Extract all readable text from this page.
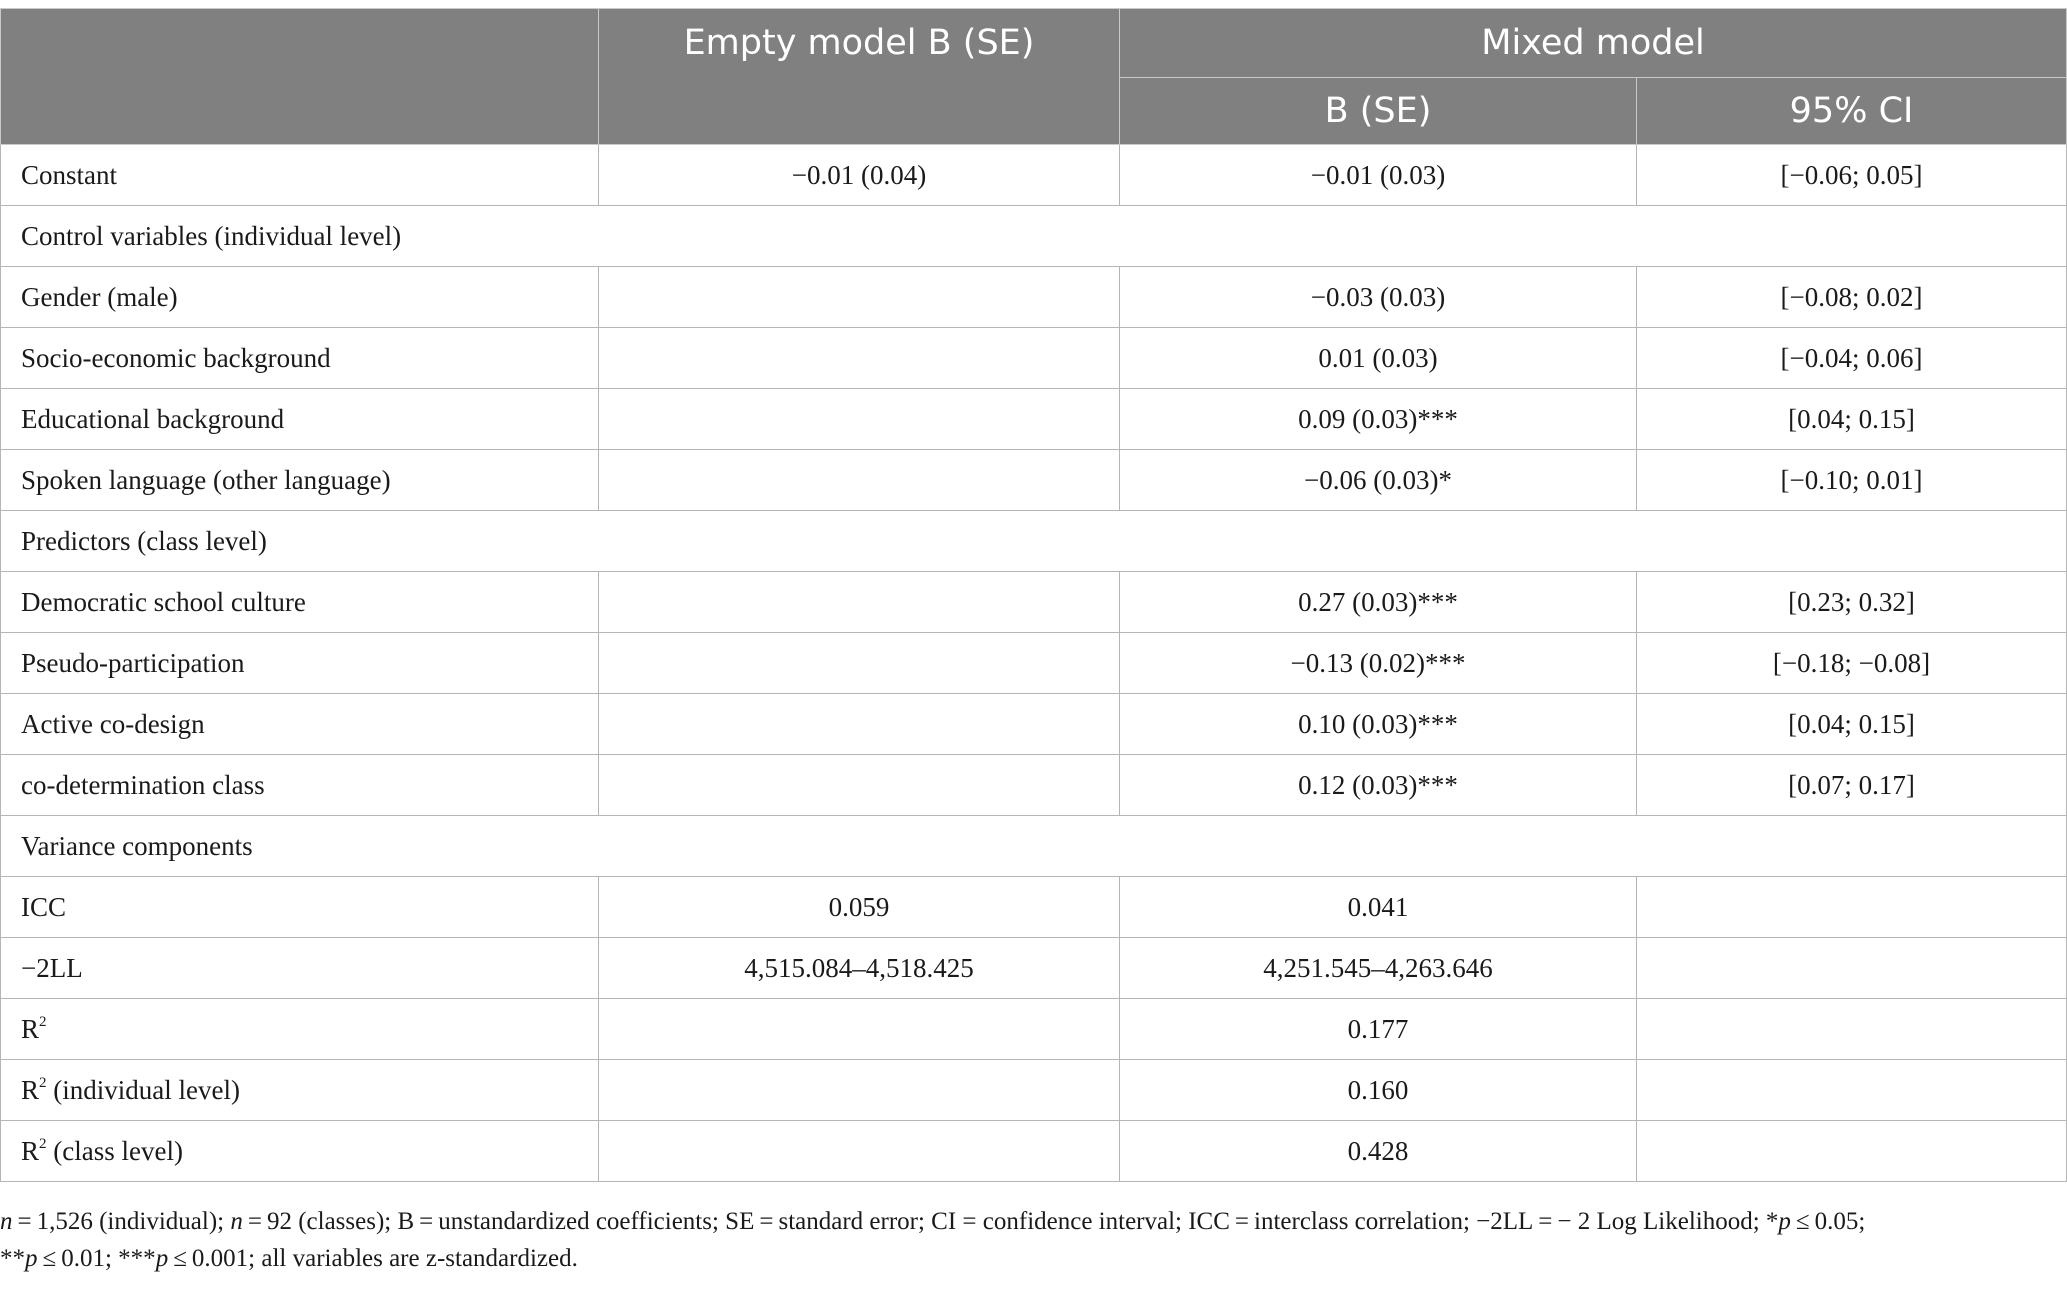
	Empty model B (SE)	Mixed model	
		B (SE)	95% CI
Constant	−0.01 (0.04)	−0.01 (0.03)	[−0.06; 0.05]
Control variables (individual level)			
Gender (male)		−0.03 (0.03)	[−0.08; 0.02]
Socio-economic background		0.01 (0.03)	[−0.04; 0.06]
Educational background		0.09 (0.03)***	[0.04; 0.15]
Spoken language (other language)		−0.06 (0.03)*	[−0.10; 0.01]
Predictors (class level)			
Democratic school culture		0.27 (0.03)***	[0.23; 0.32]
Pseudo-participation		−0.13 (0.02)***	[−0.18; −0.08]
Active co-design		0.10 (0.03)***	[0.04; 0.15]
co-determination class		0.12 (0.03)***	[0.07; 0.17]
Variance components			
ICC	0.059	0.041	
−2LL	4,515.084–4,518.425	4,251.545–4,263.646	
$R^2$		0.177	
$R^2$ (individual level)		0.160	
$R^2$ (class level)		0.428	
n = 1,526 (individual); n = 92 (classes); B = unstandardized coefficients; SE = standard error; CI = confidence interval; ICC = interclass correlation; −2LL = − 2 Log Likelihood; *p ≤ 0.05;
**p ≤ 0.01; ***p ≤ 0.001; all variables are z-standardized.
